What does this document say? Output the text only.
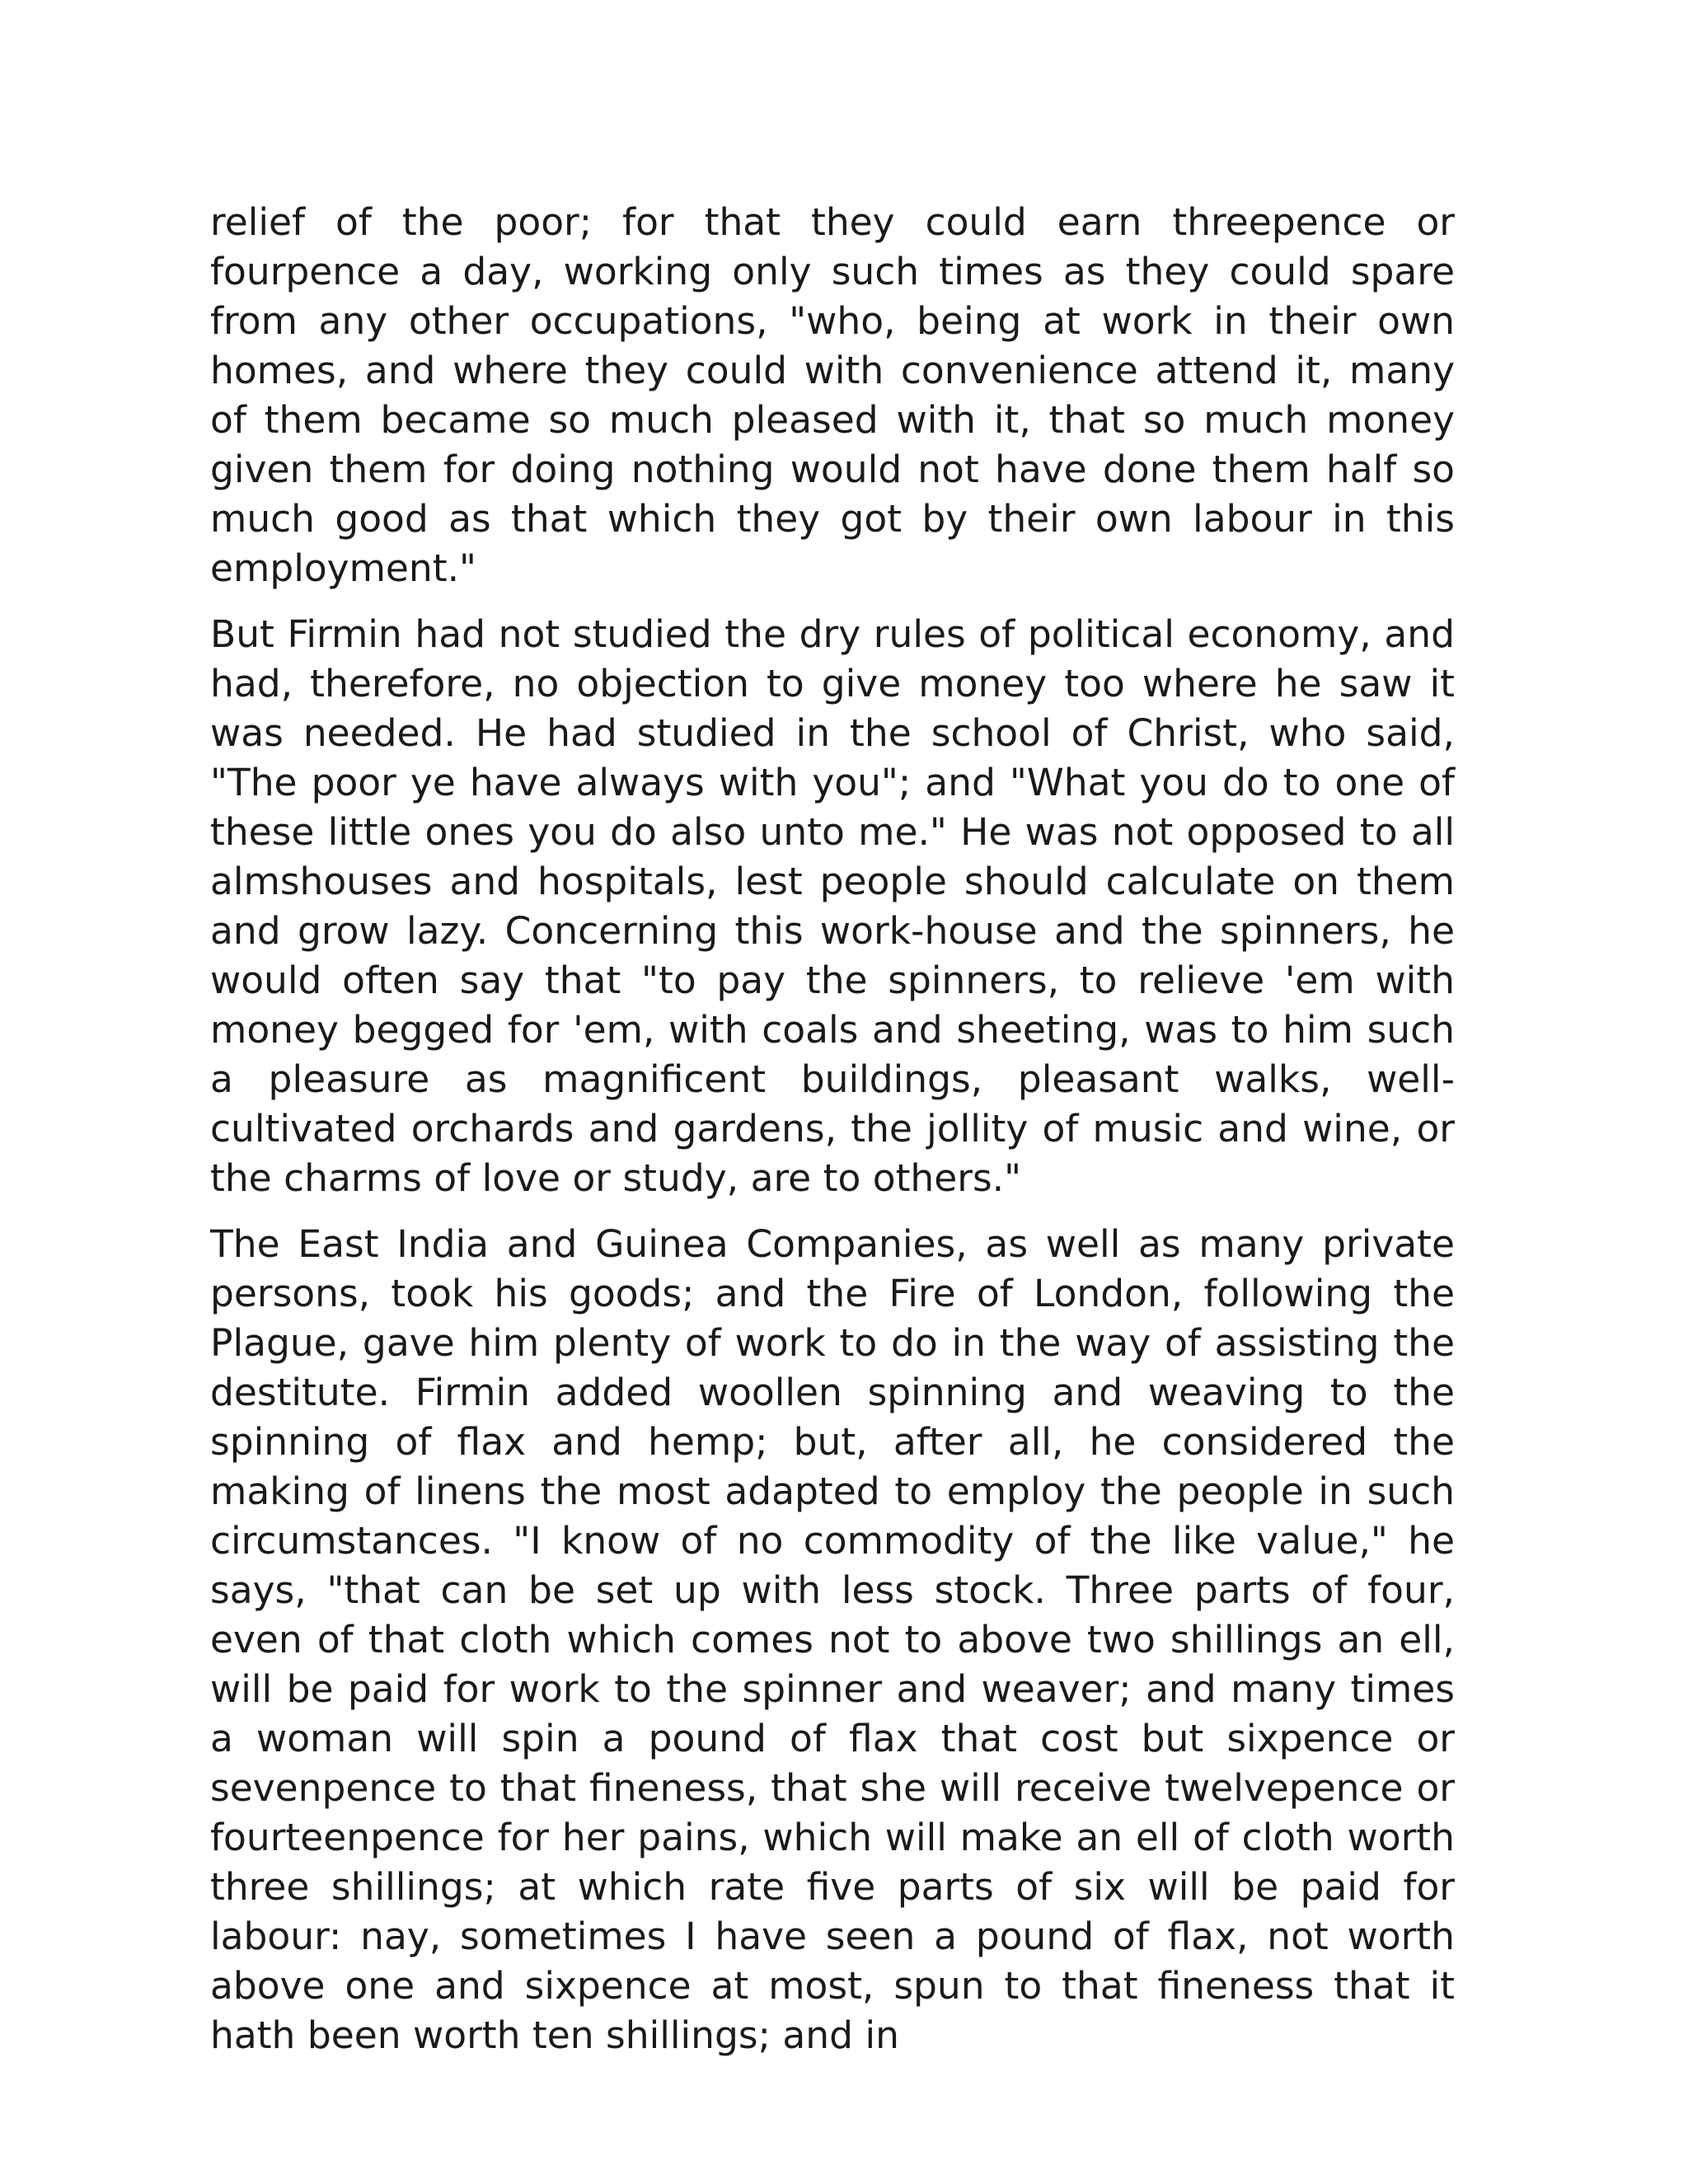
relief of the poor; for that they could earn threepence or fourpence a day, working only such times as they could spare from any other occupations, "who, being at work in their own homes, and where they could with convenience attend it, many of them became so much pleased with it, that so much money given them for doing nothing would not have done them half so much good as that which they got by their own labour in this employment."

But Firmin had not studied the dry rules of political economy, and had, therefore, no objection to give money too where he saw it was needed. He had studied in the school of Christ, who said, "The poor ye have always with you"; and "What you do to one of these little ones you do also unto me." He was not opposed to all almshouses and hospitals, lest people should calculate on them and grow lazy. Concerning this work-house and the spinners, he would often say that "to pay the spinners, to relieve 'em with money begged for 'em, with coals and sheeting, was to him such a pleasure as magnificent buildings, pleasant walks, well-cultivated orchards and gardens, the jollity of music and wine, or the charms of love or study, are to others."

The East India and Guinea Companies, as well as many private persons, took his goods; and the Fire of London, following the Plague, gave him plenty of work to do in the way of assisting the destitute. Firmin added woollen spinning and weaving to the spinning of flax and hemp; but, after all, he considered the making of linens the most adapted to employ the people in such circumstances. "I know of no commodity of the like value," he says, "that can be set up with less stock. Three parts of four, even of that cloth which comes not to above two shillings an ell, will be paid for work to the spinner and weaver; and many times a woman will spin a pound of flax that cost but sixpence or sevenpence to that fineness, that she will receive twelvepence or fourteenpence for her pains, which will make an ell of cloth worth three shillings; at which rate five parts of six will be paid for labour: nay, sometimes I have seen a pound of flax, not worth above one and sixpence at most, spun to that fineness that it hath been worth ten shillings; and in
